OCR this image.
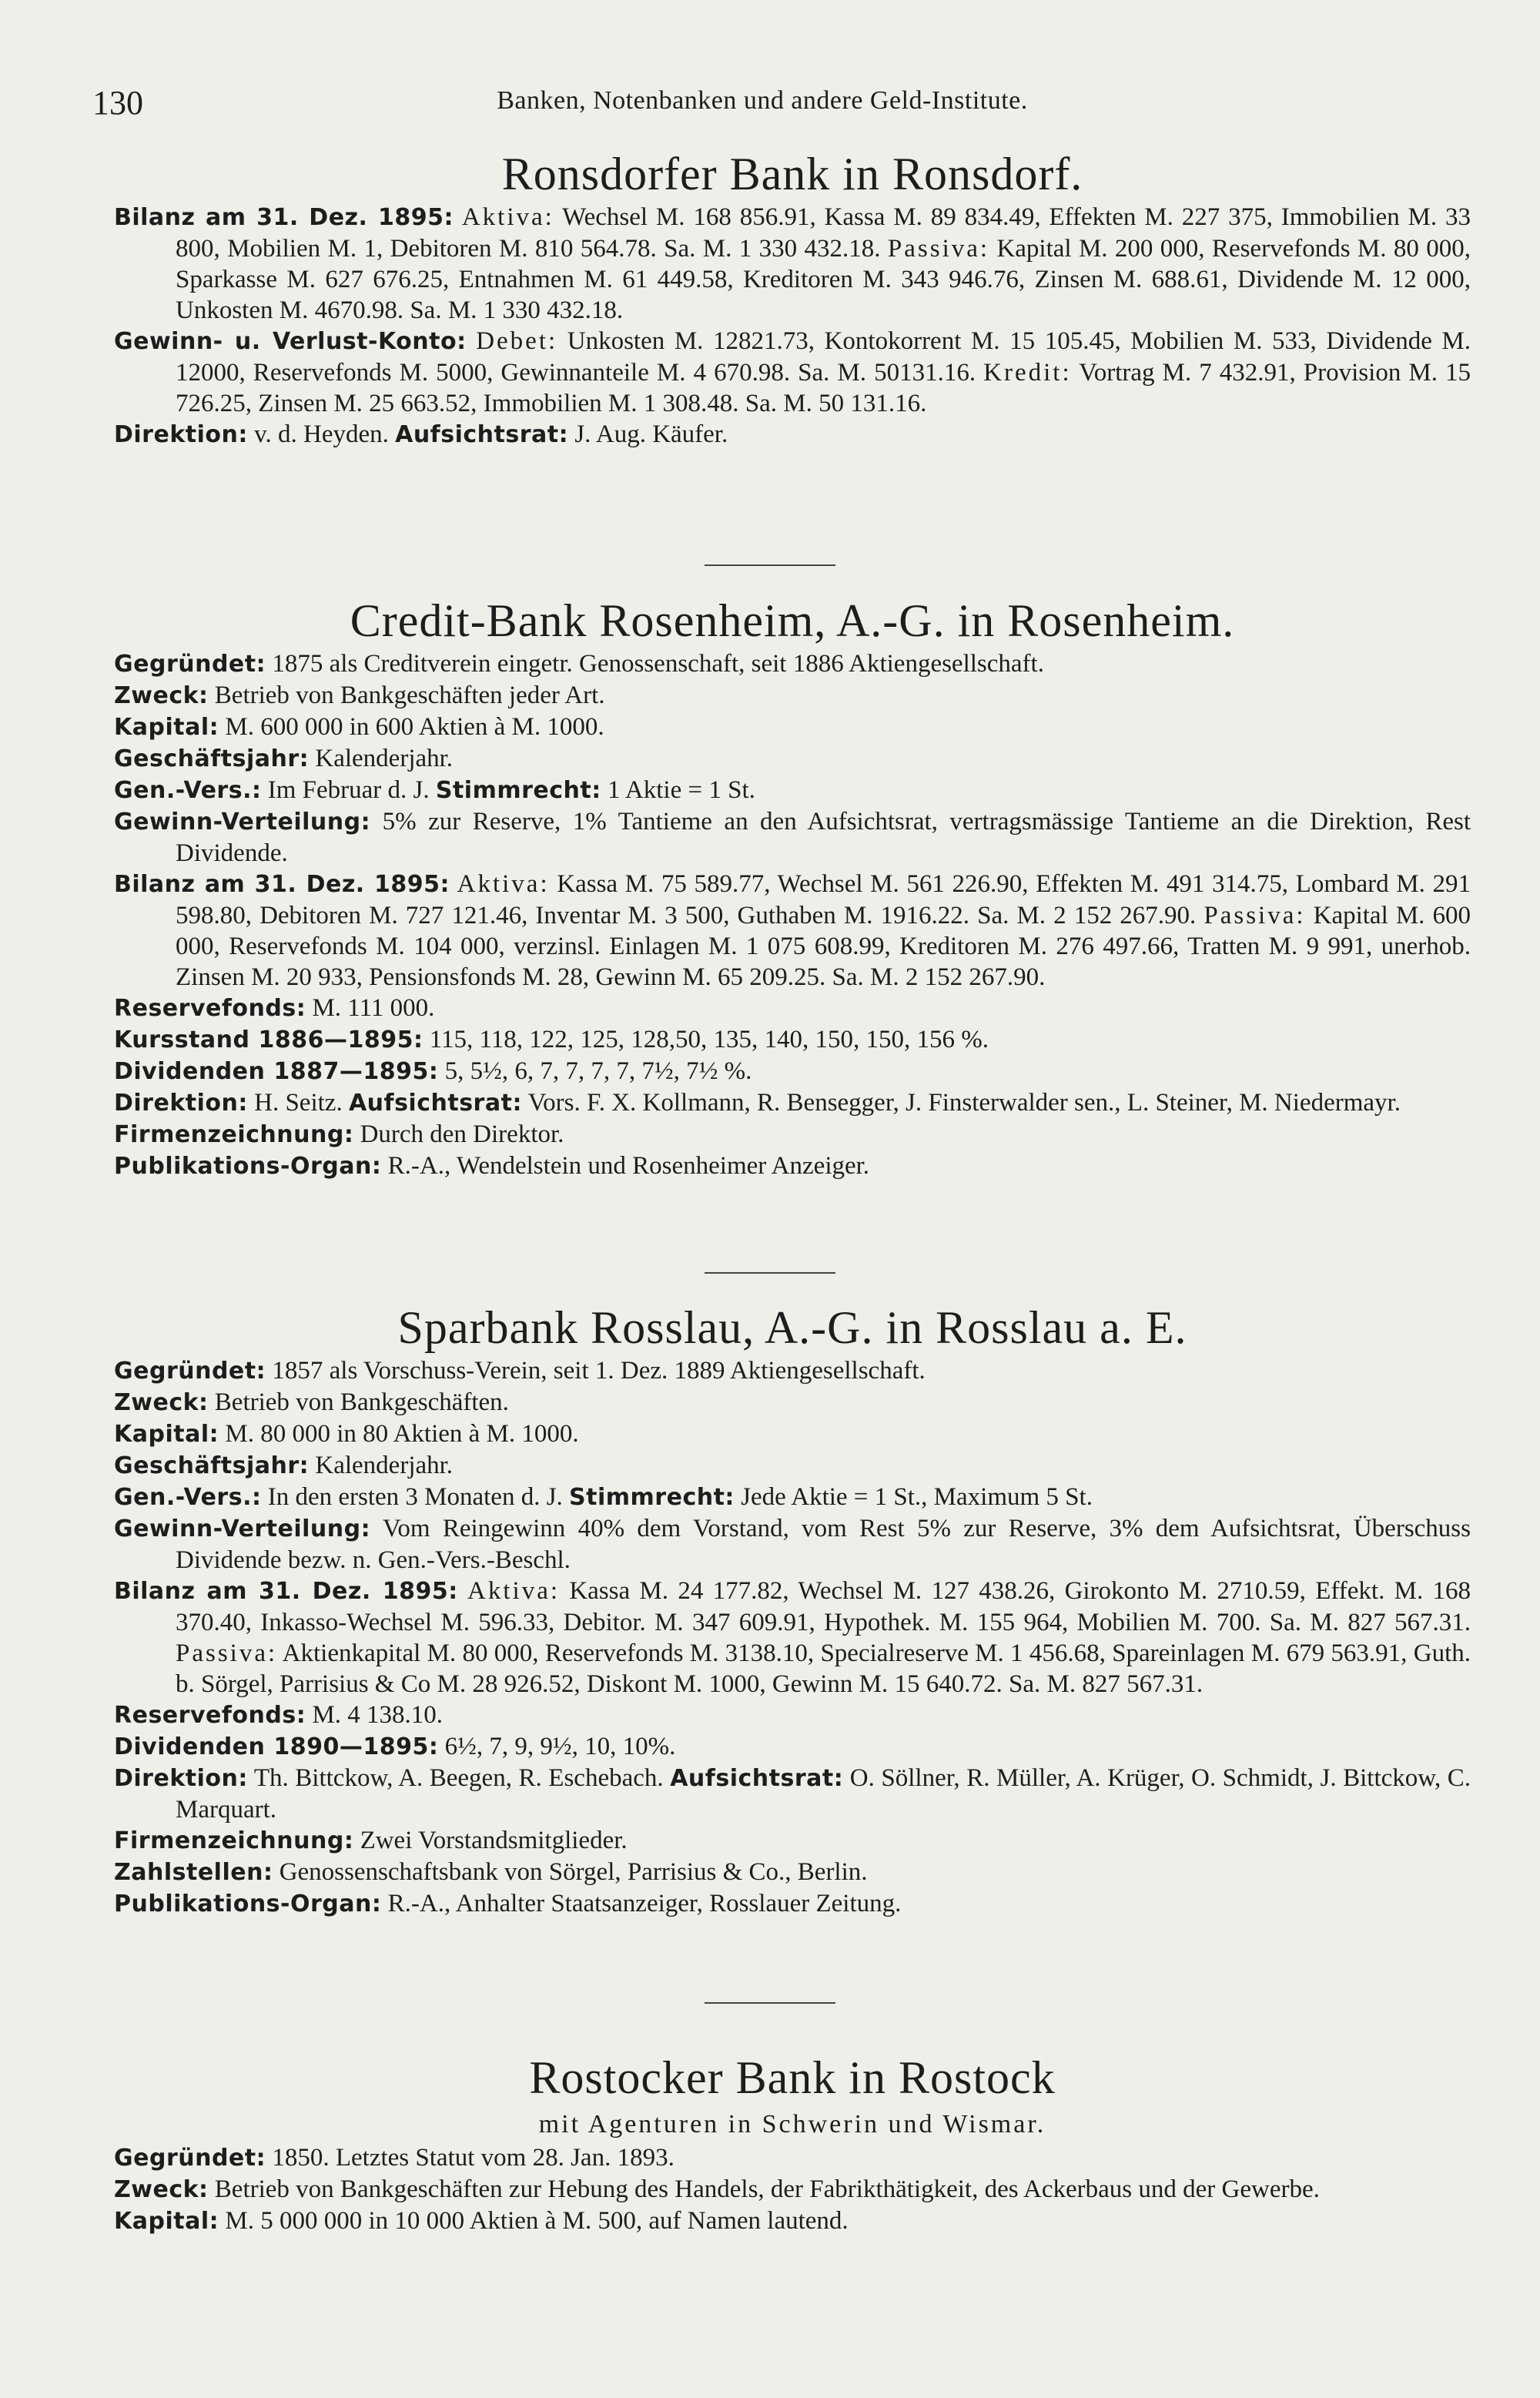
130	Banken, Notenbanken und andere Geld-Institute.
Ronsdorfer Bank in Ronsdorf.

Bilanz am 31. Dez. 1895: Aktiva: Wechsel M. 168 856.91, Kassa M. 89 834.49, Effekten M. 227 375, Immobilien M. 33 800, Mobilien M. 1, Debitoren M. 810 564.78. Sa. M. 1 330 432.18. Passiva: Kapital M. 200 000, Reservefonds M. 80 000, Sparkasse M. 627 676.25, Entnahmen M. 61 449.58, Kreditoren M. 343 946.76, Zinsen M. 688.61, Dividende M. 12 000, Unkosten M. 4670.98. Sa. M. 1 330 432.18.

Gewinn- u. Verlust-Konto: Debet: Unkosten M. 12821.73, Kontokorrent M. 15 105.45, Mobilien M. 533, Dividende M. 12000, Reservefonds M. 5000, Gewinnanteile M. 4 670.98. Sa. M. 50131.16. Kredit: Vortrag M. 7 432.91, Provision M. 15 726.25, Zinsen M. 25 663.52, Immobilien M. 1 308.48. Sa. M. 50 131.16.

Direktion: v. d. Heyden. Aufsichtsrat: J. Aug. Käufer.

Credit-Bank Rosenheim, A.-G. in Rosenheim.

Gegründet: 1875 als Creditverein eingetr. Genossenschaft, seit 1886 Aktiengesellschaft.

Zweck: Betrieb von Bankgeschäften jeder Art.

Kapital: M. 600 000 in 600 Aktien à M. 1000.

Geschäftsjahr: Kalenderjahr.

Gen.-Vers.: Im Februar d. J. Stimmrecht: 1 Aktie = 1 St.

Gewinn-Verteilung: 5% zur Reserve, 1% Tantieme an den Aufsichtsrat, vertragsmässige Tantieme an die Direktion, Rest Dividende.

Bilanz am 31. Dez. 1895: Aktiva: Kassa M. 75 589.77, Wechsel M. 561 226.90, Effekten M. 491 314.75, Lombard M. 291 598.80, Debitoren M. 727 121.46, Inventar M. 3 500, Guthaben M. 1916.22. Sa. M. 2 152 267.90. Passiva: Kapital M. 600 000, Reservefonds M. 104 000, verzinsl. Einlagen M. 1 075 608.99, Kreditoren M. 276 497.66, Tratten M. 9 991, unerhob. Zinsen M. 20 933, Pensionsfonds M. 28, Gewinn M. 65 209.25. Sa. M. 2 152 267.90.

Reservefonds: M. 111 000.

Kursstand 1886—1895: 115, 118, 122, 125, 128,50, 135, 140, 150, 150, 156 %.

Dividenden 1887—1895: 5, 5½, 6, 7, 7, 7, 7, 7½, 7½ %.

Direktion: H. Seitz. Aufsichtsrat: Vors. F. X. Kollmann, R. Bensegger, J. Finsterwalder sen., L. Steiner, M. Niedermayr.

Firmenzeichnung: Durch den Direktor.

Publikations-Organ: R.-A., Wendelstein und Rosenheimer Anzeiger.

Sparbank Rosslau, A.-G. in Rosslau a. E.

Gegründet: 1857 als Vorschuss-Verein, seit 1. Dez. 1889 Aktiengesellschaft.

Zweck: Betrieb von Bankgeschäften.

Kapital: M. 80 000 in 80 Aktien à M. 1000.

Geschäftsjahr: Kalenderjahr.

Gen.-Vers.: In den ersten 3 Monaten d. J. Stimmrecht: Jede Aktie = 1 St., Maximum 5 St.

Gewinn-Verteilung: Vom Reingewinn 40% dem Vorstand, vom Rest 5% zur Reserve, 3% dem Aufsichtsrat, Überschuss Dividende bezw. n. Gen.-Vers.-Beschl.

Bilanz am 31. Dez. 1895: Aktiva: Kassa M. 24 177.82, Wechsel M. 127 438.26, Girokonto M. 2710.59, Effekt. M. 168 370.40, Inkasso-Wechsel M. 596.33, Debitor. M. 347 609.91, Hypothek. M. 155 964, Mobilien M. 700. Sa. M. 827 567.31. Passiva: Aktienkapital M. 80 000, Reservefonds M. 3138.10, Specialreserve M. 1 456.68, Spareinlagen M. 679 563.91, Guth. b. Sörgel, Parrisius & Co M. 28 926.52, Diskont M. 1000, Gewinn M. 15 640.72. Sa. M. 827 567.31.

Reservefonds: M. 4 138.10.

Dividenden 1890—1895: 6½, 7, 9, 9½, 10, 10%.

Direktion: Th. Bittckow, A. Beegen, R. Eschebach. Aufsichtsrat: O. Söllner, R. Müller, A. Krüger, O. Schmidt, J. Bittckow, C. Marquart.

Firmenzeichnung: Zwei Vorstandsmitglieder.

Zahlstellen: Genossenschaftsbank von Sörgel, Parrisius & Co., Berlin.

Publikations-Organ: R.-A., Anhalter Staatsanzeiger, Rosslauer Zeitung.

Rostocker Bank in Rostock
mit Agenturen in Schwerin und Wismar.

Gegründet: 1850. Letztes Statut vom 28. Jan. 1893.

Zweck: Betrieb von Bankgeschäften zur Hebung des Handels, der Fabrikthätigkeit, des Ackerbaus und der Gewerbe.

Kapital: M. 5 000 000 in 10 000 Aktien à M. 500, auf Namen lautend.
